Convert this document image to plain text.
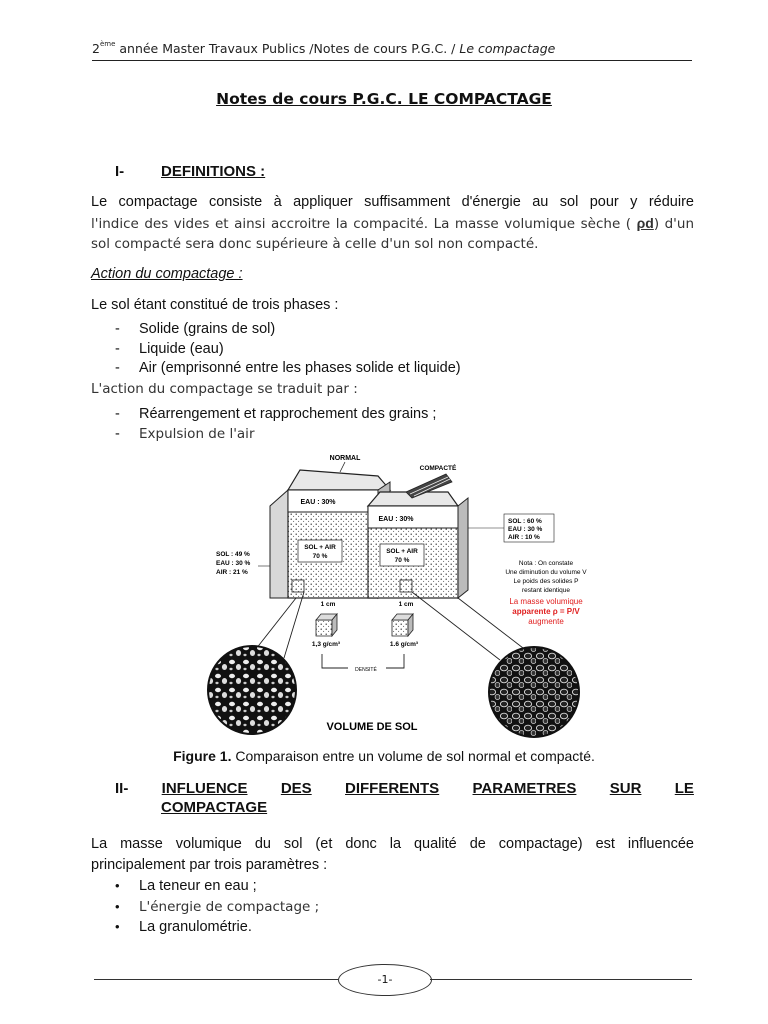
2ème année Master Travaux Publics /Notes de cours P.G.C. / Le compactage
Notes de cours P.G.C. LE COMPACTAGE
I- DEFINITIONS :
Le compactage consiste à appliquer suffisamment d'énergie au sol pour y réduire
l'indice des vides et ainsi accroitre la compacité. La masse volumique sèche ( ρd) d'un
sol compacté sera donc supérieure à celle d'un sol non compacté.
Action du compactage :
Le sol étant constitué de trois phases :
- Solide (grains de sol)
- Liquide (eau)
- Air (emprisonné entre les phases solide et liquide)
L'action du compactage se traduit par :
- Réarrengement et rapprochement des grains ;
- Expulsion de l'air
NORMAL
EAU : 30%
SOL + AIR
70 %
COMPACTÉ
EAU : 30%
SOL + AIR
70 %
SOL : 49 %
EAU : 30 %
AIR : 21 %
SOL : 60 %
EAU : 30 %
AIR : 10 %
1 cm	1 cm
1,3 g/cm³	1.6 g/cm³
DENSITÉ
Nota : On constate
Une diminution du volume V
Le poids des solides P
restant identique
La masse volumique
apparente ρ = P/V
augmente
VOLUME DE SOL
Figure 1. Comparaison entre un volume de sol normal et compacté.
II- INFLUENCE DES DIFFERENTS PARAMETRES SUR LE
COMPACTAGE
La masse volumique du sol (et donc la qualité de compactage) est influencée
principalement par trois paramètres :
• La teneur en eau ;
• L'énergie de compactage ;
• La granulométrie.
-1-
